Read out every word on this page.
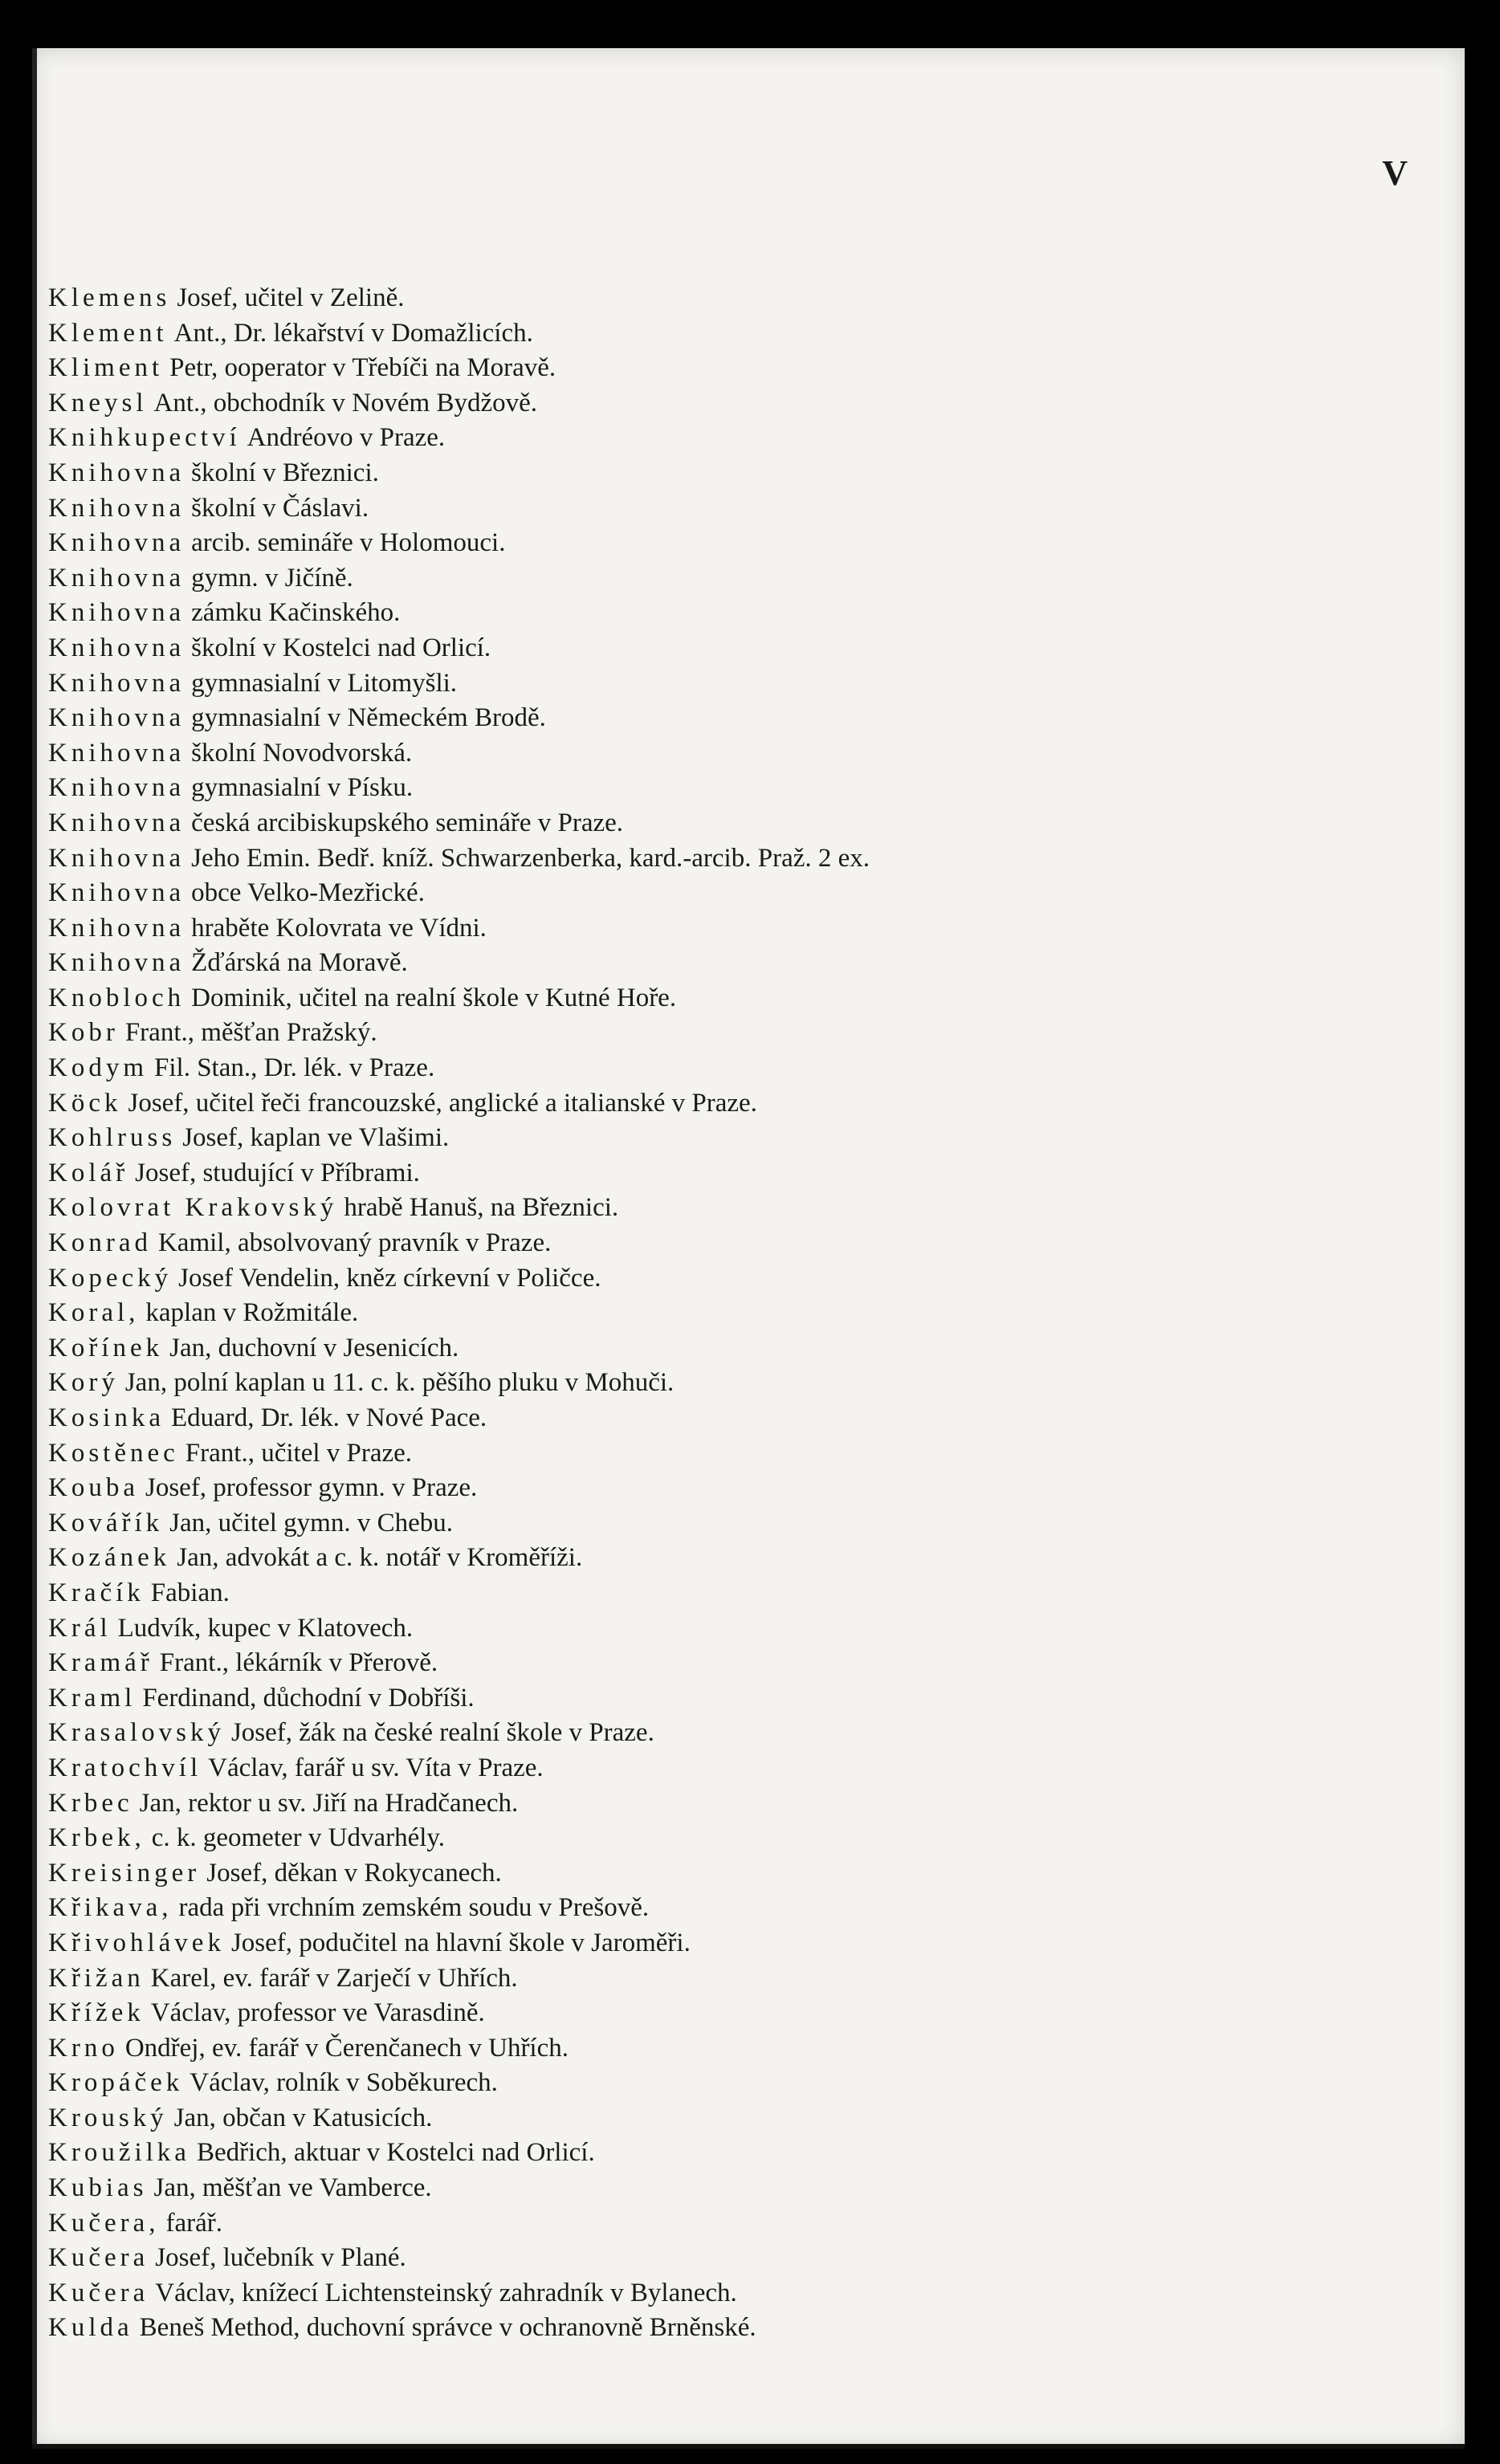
V
Klemens Josef, učitel v Zelině.
Klement Ant., Dr. lékařství v Domažlicích.
Kliment Petr, ooperator v Třebíči na Moravě.
Kneysl Ant., obchodník v Novém Bydžově.
Knihkupectví Andréovo v Praze.
Knihovna školní v Březnici.
Knihovna školní v Čáslavi.
Knihovna arcib. semináře v Holomouci.
Knihovna gymn. v Jičíně.
Knihovna zámku Kačinského.
Knihovna školní v Kostelci nad Orlicí.
Knihovna gymnasialní v Litomyšli.
Knihovna gymnasialní v Německém Brodě.
Knihovna školní Novodvorská.
Knihovna gymnasialní v Písku.
Knihovna česká arcibiskupského semináře v Praze.
Knihovna Jeho Emin. Bedř. kníž. Schwarzenberka, kard.-arcib. Praž. 2 ex.
Knihovna obce Velko-Mezřické.
Knihovna hraběte Kolovrata ve Vídni.
Knihovna Žďárská na Moravě.
Knobloch Dominik, učitel na realní škole v Kutné Hoře.
Kobr Frant., měšťan Pražský.
Kodym Fil. Stan., Dr. lék. v Praze.
Köck Josef, učitel řeči francouzské, anglické a italianské v Praze.
Kohlruss Josef, kaplan ve Vlašimi.
Kolář Josef, studující v Příbrami.
Kolovrat Krakovský hrabě Hanuš, na Březnici.
Konrad Kamil, absolvovaný pravník v Praze.
Kopecký Josef Vendelin, kněz církevní v Poličce.
Koral, kaplan v Rožmitále.
Kořínek Jan, duchovní v Jesenicích.
Korý Jan, polní kaplan u 11. c. k. pěšího pluku v Mohuči.
Kosinka Eduard, Dr. lék. v Nové Pace.
Kostěnec Frant., učitel v Praze.
Kouba Josef, professor gymn. v Praze.
Kovářík Jan, učitel gymn. v Chebu.
Kozánek Jan, advokát a c. k. notář v Kroměříži.
Kračík Fabian.
Král Ludvík, kupec v Klatovech.
Kramář Frant., lékárník v Přerově.
Kraml Ferdinand, důchodní v Dobříši.
Krasalovský Josef, žák na české realní škole v Praze.
Kratochvíl Václav, farář u sv. Víta v Praze.
Krbec Jan, rektor u sv. Jiří na Hradčanech.
Krbek, c. k. geometer v Udvarhély.
Kreisinger Josef, děkan v Rokycanech.
Křikava, rada při vrchním zemském soudu v Prešově.
Křivohlávek Josef, podučitel na hlavní škole v Jaroměři.
Křižan Karel, ev. farář v Zarječí v Uhřích.
Křížek Václav, professor ve Varasdině.
Krno Ondřej, ev. farář v Čerenčanech v Uhřích.
Kropáček Václav, rolník v Soběkurech.
Krouský Jan, občan v Katusicích.
Kroužilka Bedřich, aktuar v Kostelci nad Orlicí.
Kubias Jan, měšťan ve Vamberce.
Kučera, farář.
Kučera Josef, lučebník v Plané.
Kučera Václav, knížecí Lichtensteinský zahradník v Bylanech.
Kulda Beneš Method, duchovní správce v ochranovně Brněnské.
